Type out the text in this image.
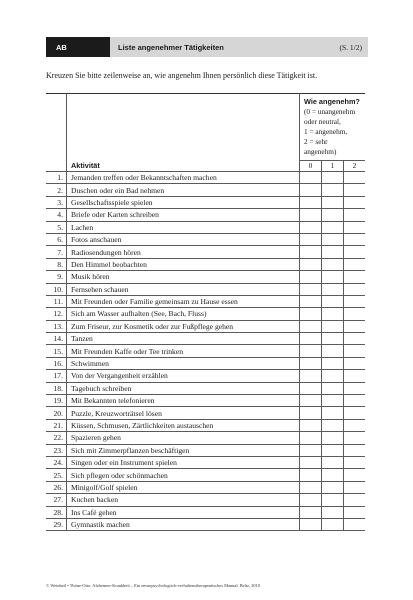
AB	Liste angenehmer Tätigkeiten	(S. 1/2)
Kreuzen Sie bitte zeilenweise an, wie angenehm Ihnen persönlich diese Tätigkeit ist.

		Wie angenehm?
(0 = unangenehm
oder neutral,
1 = angenehm,
2 = sehr angenehm)		

	Aktivität	0	1	2
1.	Jemanden treffen oder Bekanntschaften machen			
2.	Duschen oder ein Bad nehmen			
3.	Gesellschaftsspiele spielen			
4.	Briefe oder Karten schreiben			
5.	Lachen			
6.	Fotos anschauen			
7.	Radiosendungen hören			
8.	Den Himmel beobachten			
9.	Musik hören			
10.	Fernsehen schauen			
11.	Mit Freunden oder Familie gemeinsam zu Hause essen			
12.	Sich am Wasser aufhalten (See, Bach, Fluss)			
13.	Zum Friseur, zur Kosmetik oder zur Fußpflege gehen			
14.	Tanzen			
15.	Mit Freunden Kaffe oder Tee trinken			
16.	Schwimmen			
17.	Von der Vergangenheit erzählen			
18.	Tagebuch schreiben			
19.	Mit Bekannten telefonieren			
20.	Puzzle, Kreuzworträtsel lösen			
21.	Küssen, Schmusen, Zärtlichkeiten austauschen			
22.	Spazieren gehen			
23.	Sich mit Zimmerpflanzen beschäftigen			
24.	Singen oder ein Instrument spielen			
25.	Sich pflegen oder schönmachen			
26.	Minigolf/Golf spielen			
27.	Kuchen backen			
28.	Ins Café gehen			
29.	Gymnastik machen			
© Weinheil • Thöne-Otto: Alzheimer-Krankheit – Ein neuropsychologisch-verhaltenstherapeutisches Manual. Beltz, 2010
